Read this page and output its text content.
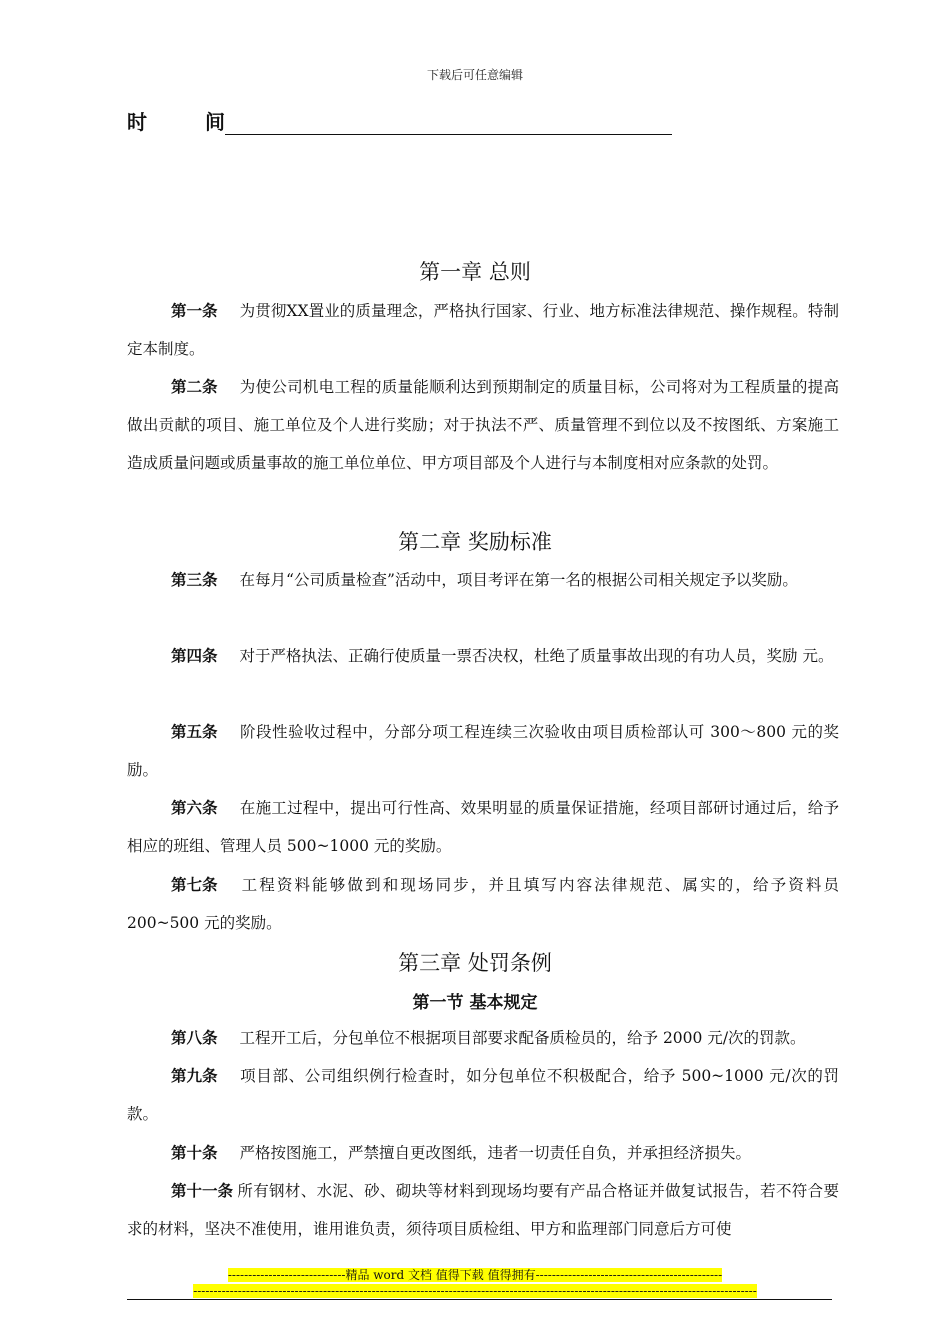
下载后可任意编辑
时	间
第一章 总则

第一条 为贯彻XX置业的质量理念，严格执行国家、行业、地方标准法律规范、操作规程。特制定本制度。

第二条 为使公司机电工程的质量能顺利达到预期制定的质量目标，公司将对为工程质量的提高做出贡献的项目、施工单位及个人进行奖励；对于执法不严、质量管理不到位以及不按图纸、方案施工造成质量问题或质量事故的施工单位单位、甲方项目部及个人进行与本制度相对应条款的处罚。

第二章 奖励标准

第三条 在每月“公司质量检查”活动中，项目考评在第一名的根据公司相关规定予以奖励。

第四条 对于严格执法、正确行使质量一票否决权，杜绝了质量事故出现的有功人员，奖励 元。

第五条 阶段性验收过程中，分部分项工程连续三次验收由项目质检部认可 300～800 元的奖励。

第六条 在施工过程中，提出可行性高、效果明显的质量保证措施，经项目部研讨通过后，给予相应的班组、管理人员 500~1000 元的奖励。

第七条 工程资料能够做到和现场同步，并且填写内容法律规范、属实的，给予资料员 200~500 元的奖励。

第三章 处罚条例
第一节 基本规定

第八条 工程开工后，分包单位不根据项目部要求配备质检员的，给予 2000 元/次的罚款。

第九条 项目部、公司组织例行检查时，如分包单位不积极配合，给予 500~1000 元/次的罚款。

第十条 严格按图施工，严禁擅自更改图纸，违者一切责任自负，并承担经济损失。

第十一条 所有钢材、水泥、砂、砌块等材料到现场均要有产品合格证并做复试报告，若不符合要求的材料，坚决不准使用，谁用谁负责，须待项目质检组、甲方和监理部门同意后方可使

-----------------------------精品 word 文档 值得下载 值得拥有----------------------------------------------
-------------------------------------------------------------------------------------------------------------------------------------------
